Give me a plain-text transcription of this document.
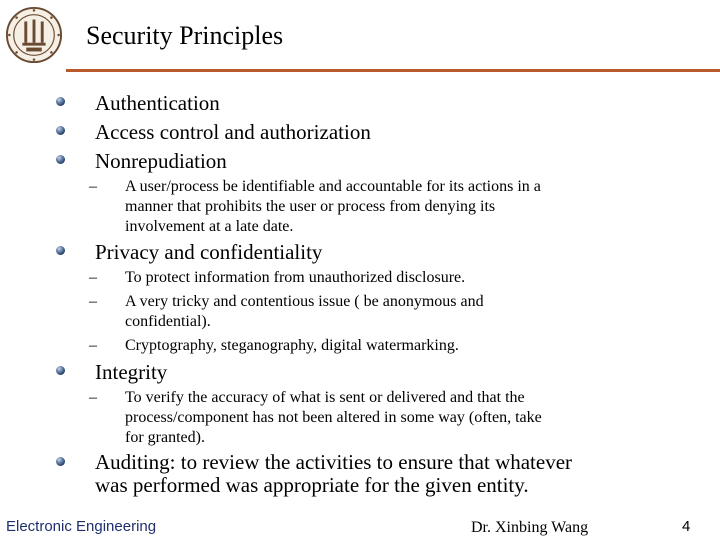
Security Principles
Authentication
Access control and authorization
Nonrepudiation
– A user/process be identifiable and accountable for its actions in a
manner that prohibits the user or process from denying its
involvement at a late date.
Privacy and confidentiality
– To protect information from unauthorized disclosure.
– A very tricky and contentious issue ( be anonymous and
confidential).
– Cryptography, steganography, digital watermarking.
Integrity
– To verify the accuracy of what is sent or delivered and that the
process/component has not been altered in some way (often, take
for granted).
Auditing: to review the activities to ensure that whatever
was performed was appropriate for the given entity.
Electronic Engineering	Dr. Xinbing Wang	4
